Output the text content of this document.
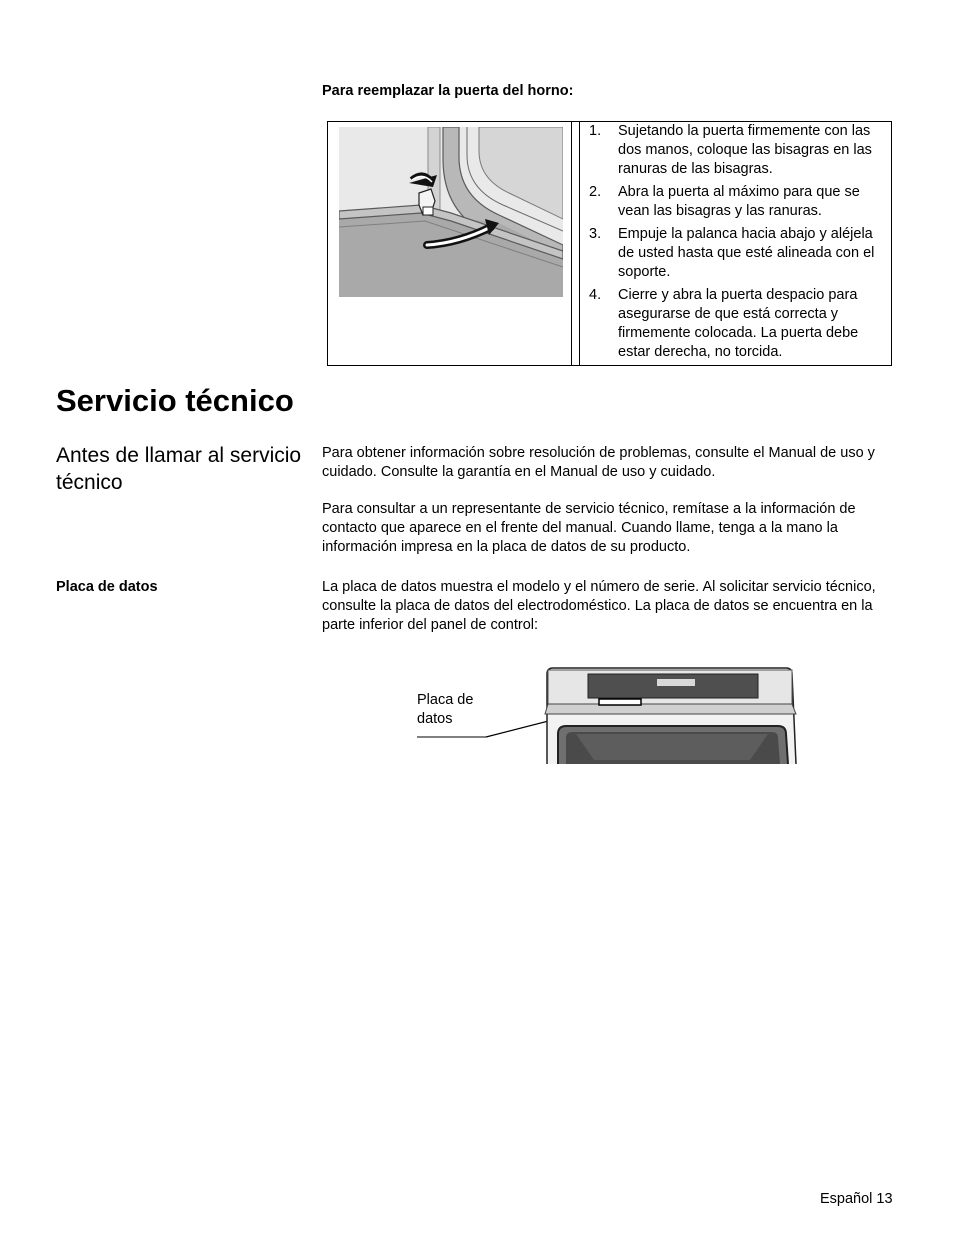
Para reemplazar la puerta del horno:
1. Sujetando la puerta firmemente con las dos manos, coloque las bisagras en las ranuras de las bisagras.
2. Abra la puerta al máximo para que se vean las bisagras y las ranuras.
3. Empuje la palanca hacia abajo y aléjela de usted hasta que esté alineada con el soporte.
4. Cierre y abra la puerta despacio para asegurarse de que está correcta y firmemente colocada. La puerta debe estar derecha, no torcida.
Servicio técnico
Antes de llamar al servicio técnico

Para obtener información sobre resolución de problemas, consulte el Manual de uso y cuidado. Consulte la garantía en el Manual de uso y cuidado.

Para consultar a un representante de servicio técnico, remítase a la información de contacto que aparece en el frente del manual. Cuando llame, tenga a la mano la información impresa en la placa de datos de su producto.

Placa de datos	La placa de datos muestra el modelo y el número de serie. Al solicitar servicio técnico, consulte la placa de datos del electrodoméstico. La placa de datos se encuentra en la parte inferior del panel de control:

Placa de
datos
Español 13
